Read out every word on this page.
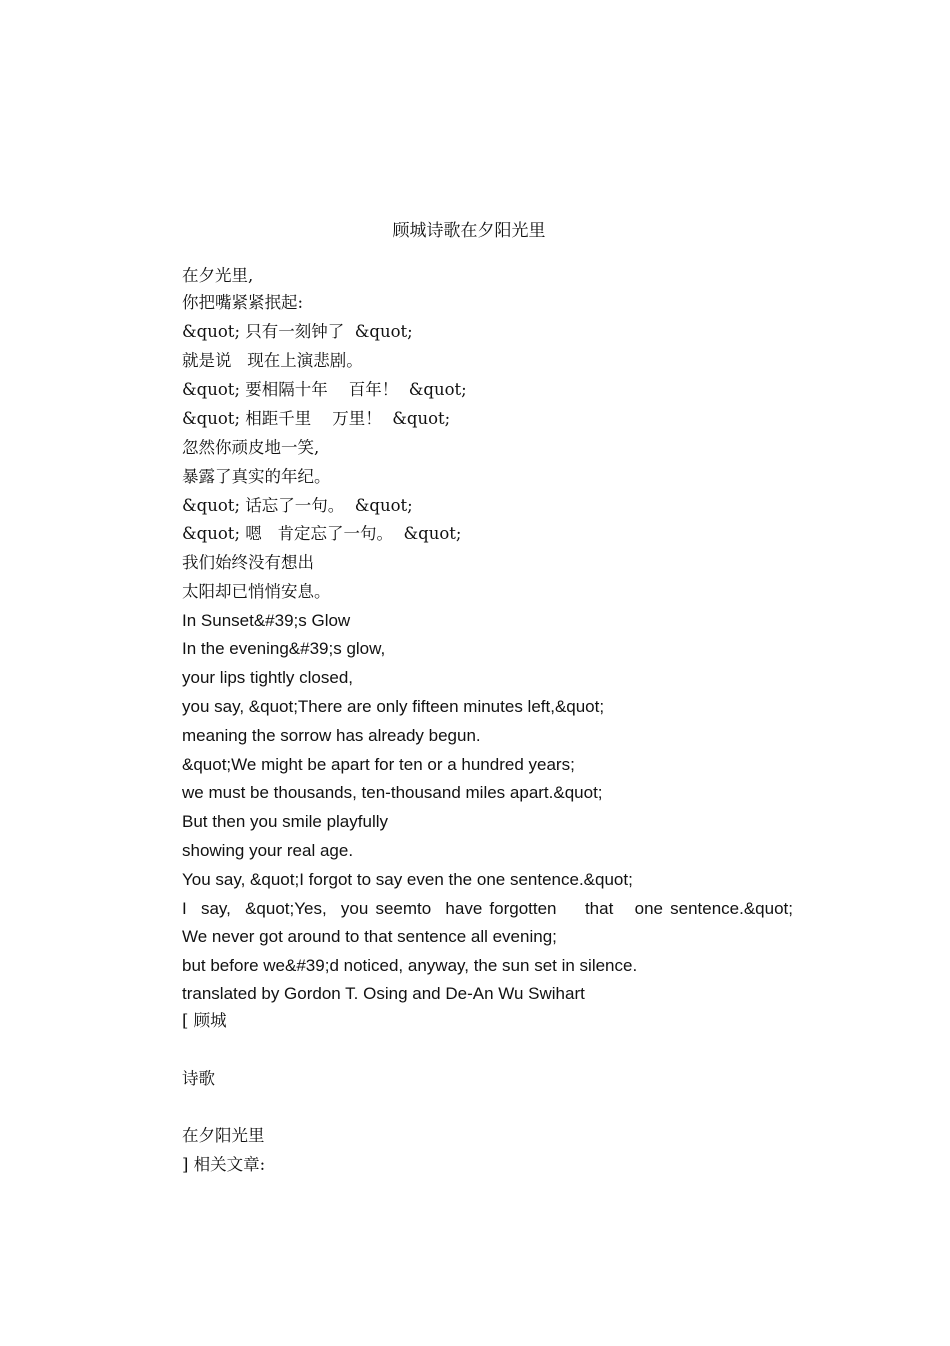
顾城诗歌在夕阳光里
在夕光里,
你把嘴紧紧抿起:
&quot; 只有一刻钟了  &quot;
就是说   现在上演悲剧。
&quot; 要相隔十年    百年！  &quot;
&quot; 相距千里    万里！  &quot;
忽然你顽皮地一笑,
暴露了真实的年纪。
&quot; 话忘了一句。  &quot;
&quot; 嗯   肯定忘了一句。  &quot;
我们始终没有想出
太阳却已悄悄安息。
In Sunset&#39;s Glow
In the evening&#39;s glow,
your lips tightly closed,
you say, &quot;There are only fifteen minutes left,&quot;
meaning the sorrow has already begun.
&quot;We might be apart for ten or a hundred years;
we must be thousands, ten-thousand miles apart.&quot;
But then you smile playfully
showing your real age.
You say, &quot;I forgot to say even the one sentence.&quot;
I  say,  &quot;Yes,  you seemto  have forgotten    that   one sentence.&quot;
We never got around to that sentence all evening;
but before we&#39;d noticed, anyway, the sun set in silence.
translated by Gordon T. Osing and De-An Wu Swihart
[ 顾城
诗歌
在夕阳光里
] 相关文章:
